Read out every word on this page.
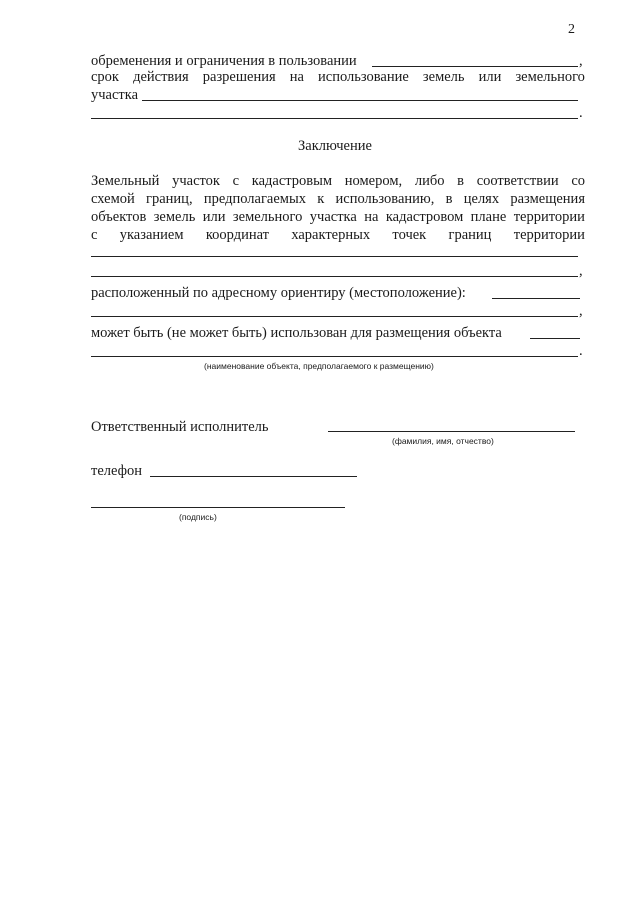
2
обременения и ограничения в пользовании	,
срок действия разрешения на использование земель или земельного
участка
.
Заключение
Земельный участок с кадастровым номером, либо в соответствии со
схемой границ, предполагаемых к использованию, в целях размещения
объектов земель или земельного участка на кадастровом плане территории
с указанием координат характерных точек границ территории
,
расположенный по адресному ориентиру (местоположение):
,
может быть (не может быть) использован для размещения объекта
.
(наименование объекта, предполагаемого к размещению)
Ответственный исполнитель
(фамилия, имя, отчество)
телефон
(подпись)
